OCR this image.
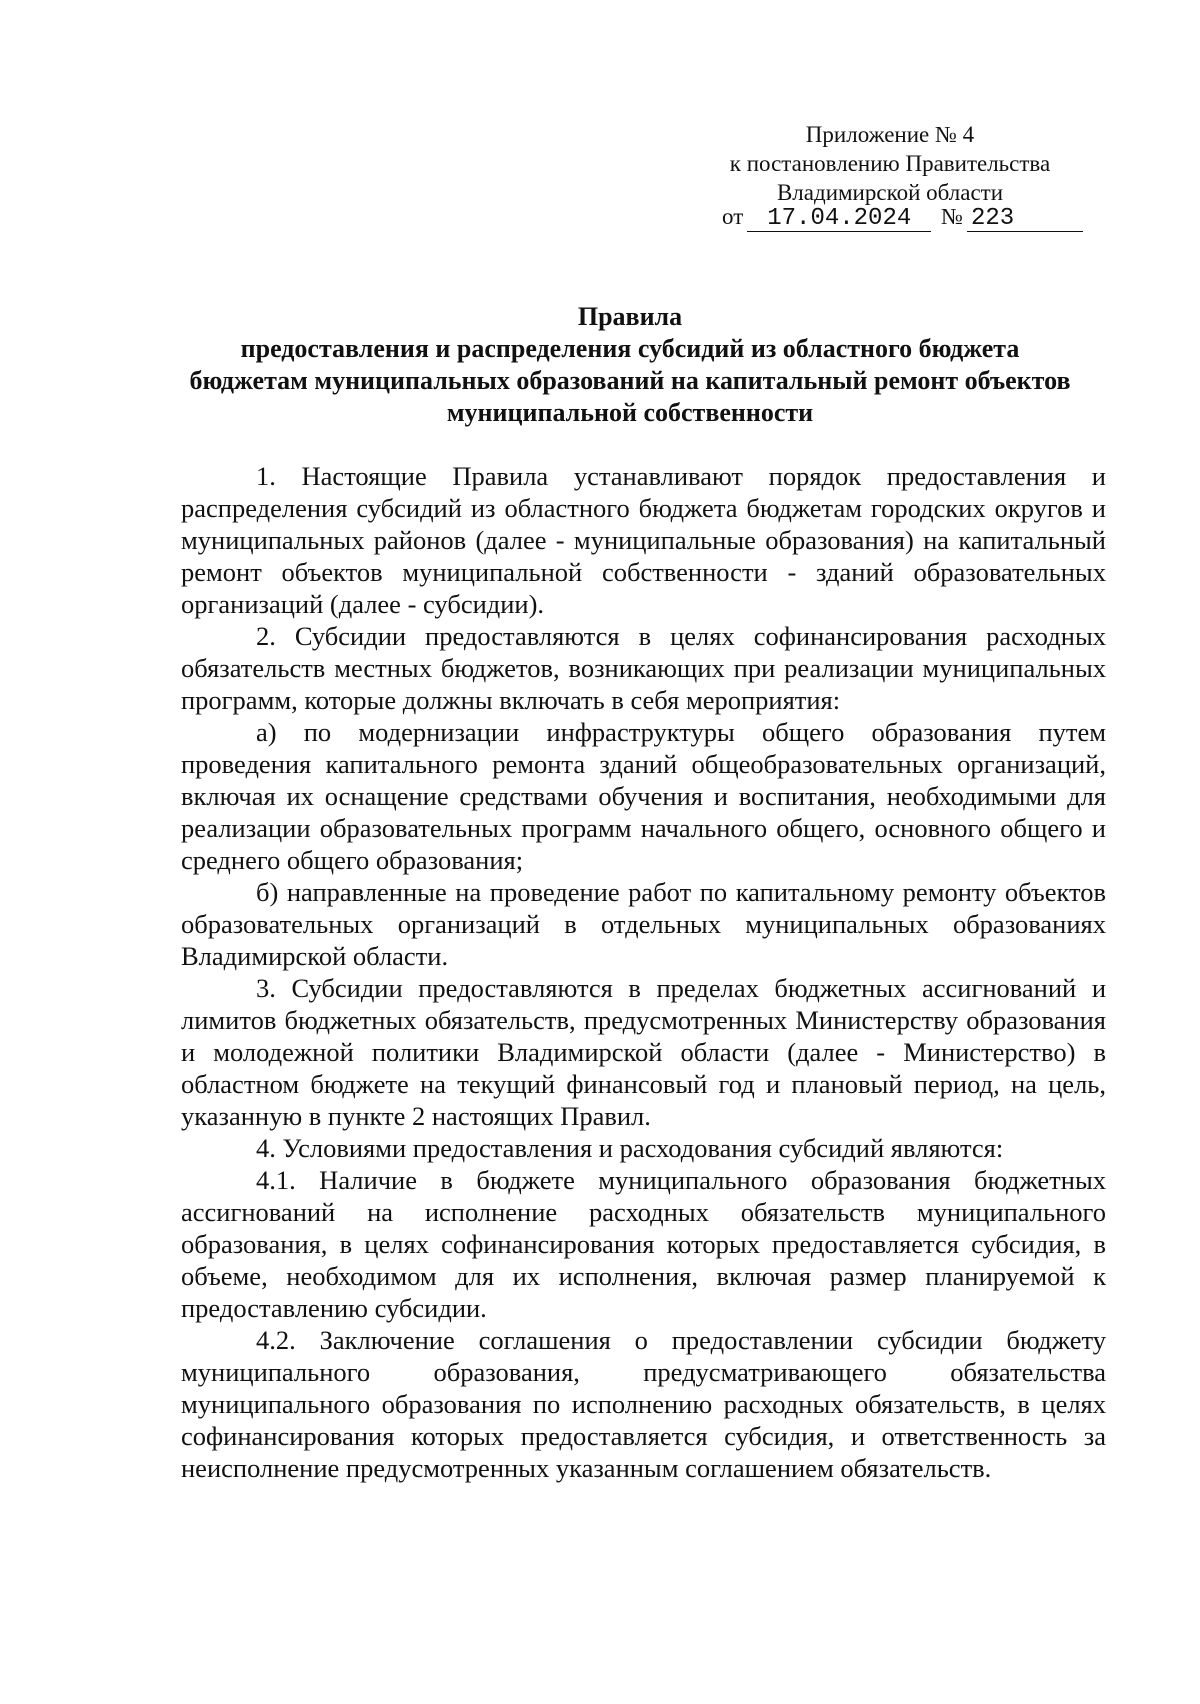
Приложение № 4
к постановлению Правительства
Владимирской области
от 17.04.2024 № 223
Правила
предоставления и распределения субсидий из областного бюджета
бюджетам муниципальных образований на капитальный ремонт объектов
муниципальной собственности

1. Настоящие Правила устанавливают порядок предоставления и распределения субсидий из областного бюджета бюджетам городских округов и муниципальных районов (далее - муниципальные образования) на капитальный ремонт объектов муниципальной собственности - зданий образовательных организаций (далее - субсидии).

2. Субсидии предоставляются в целях софинансирования расходных обязательств местных бюджетов, возникающих при реализации муниципальных программ, которые должны включать в себя мероприятия:

а) по модернизации инфраструктуры общего образования путем проведения капитального ремонта зданий общеобразовательных организаций, включая их оснащение средствами обучения и воспитания, необходимыми для реализации образовательных программ начального общего, основного общего и среднего общего образования;

б) направленные на проведение работ по капитальному ремонту объектов образовательных организаций в отдельных муниципальных образованиях Владимирской области.

3. Субсидии предоставляются в пределах бюджетных ассигнований и лимитов бюджетных обязательств, предусмотренных Министерству образования и молодежной политики Владимирской области (далее - Министерство) в областном бюджете на текущий финансовый год и плановый период, на цель, указанную в пункте 2 настоящих Правил.

4. Условиями предоставления и расходования субсидий являются:

4.1. Наличие в бюджете муниципального образования бюджетных ассигнований на исполнение расходных обязательств муниципального образования, в целях софинансирования которых предоставляется субсидия, в объеме, необходимом для их исполнения, включая размер планируемой к предоставлению субсидии.

4.2. Заключение соглашения о предоставлении субсидии бюджету муниципального образования, предусматривающего обязательства муниципального образования по исполнению расходных обязательств, в целях софинансирования которых предоставляется субсидия, и ответственность за неисполнение предусмотренных указанным соглашением обязательств.
